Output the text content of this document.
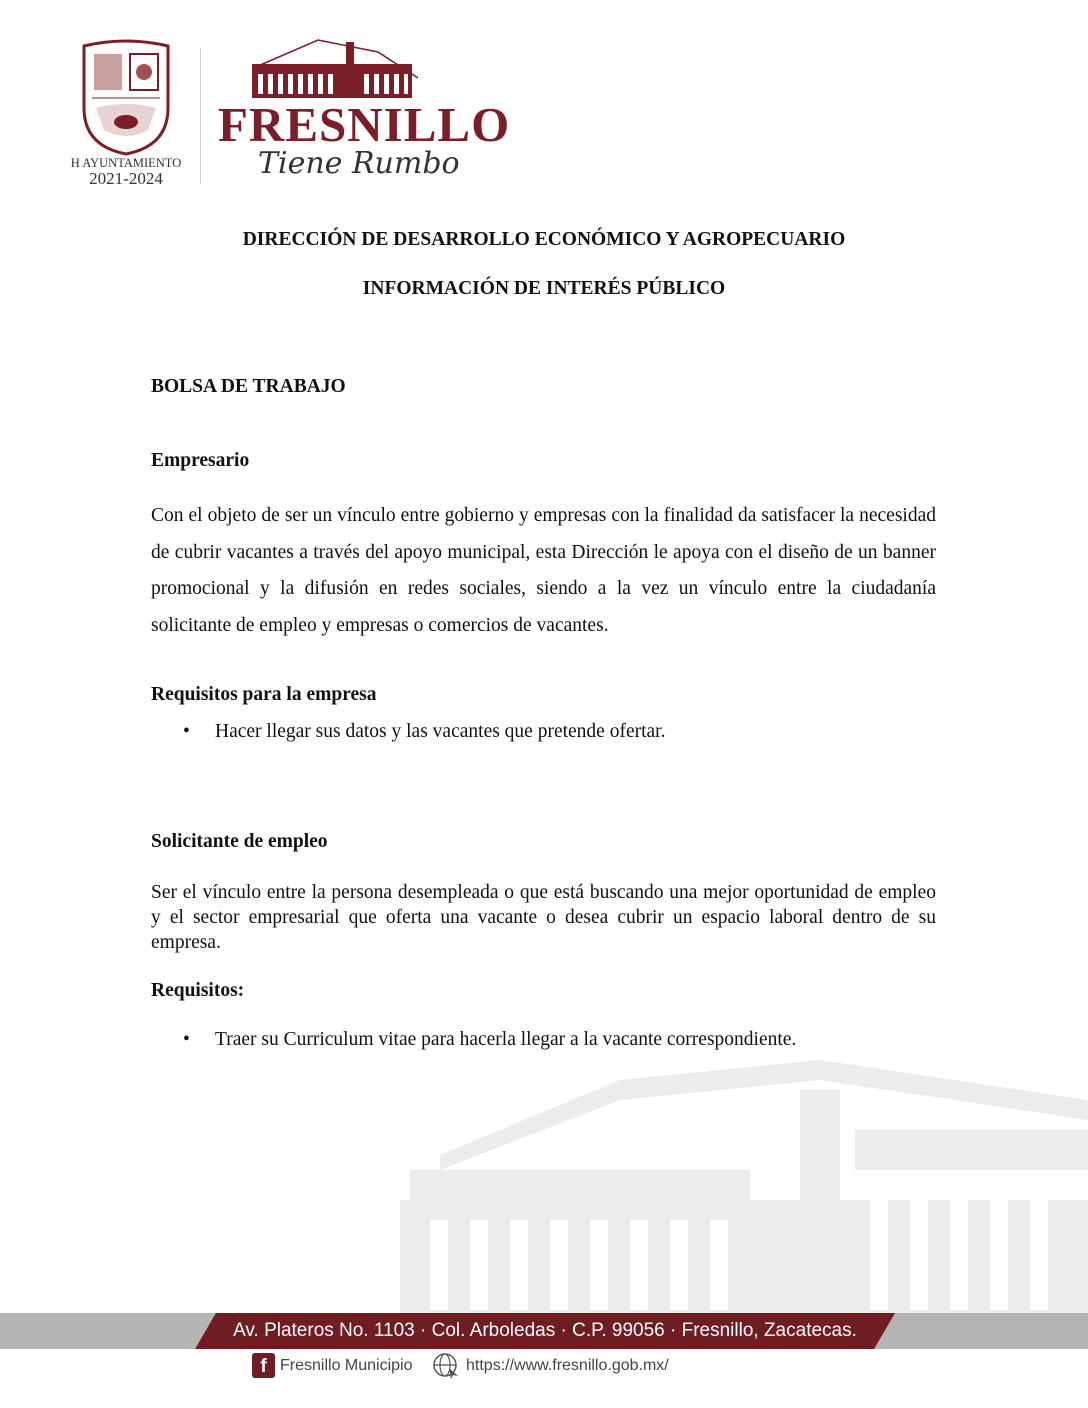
H AYUNTAMIENTO
2021-2024
FRESNILLO
Tiene Rumbo
DIRECCIÓN DE DESARROLLO ECONÓMICO Y AGROPECUARIO
INFORMACIÓN DE INTERÉS PÚBLICO
BOLSA DE TRABAJO
Empresario
Con el objeto de ser un vínculo entre gobierno y empresas con la finalidad da satisfacer la necesidad de cubrir vacantes a través del apoyo municipal, esta Dirección le apoya con el diseño de un banner promocional y la difusión en redes sociales, siendo a la vez un vínculo entre la ciudadanía solicitante de empleo y empresas o comercios de vacantes.
Requisitos para la empresa
• Hacer llegar sus datos y las vacantes que pretende ofertar.
Solicitante de empleo
Ser el vínculo entre la persona desempleada o que está buscando una mejor oportunidad de empleo y el sector empresarial que oferta una vacante o desea cubrir un espacio laboral dentro de su empresa.
Requisitos:
• Traer su Curriculum vitae para hacerla llegar a la vacante correspondiente.
Av. Plateros No. 1103 · Col. Arboledas · C.P. 99056 · Fresnillo, Zacatecas.
f Fresnillo Municipio	https://www.fresnillo.gob.mx/
